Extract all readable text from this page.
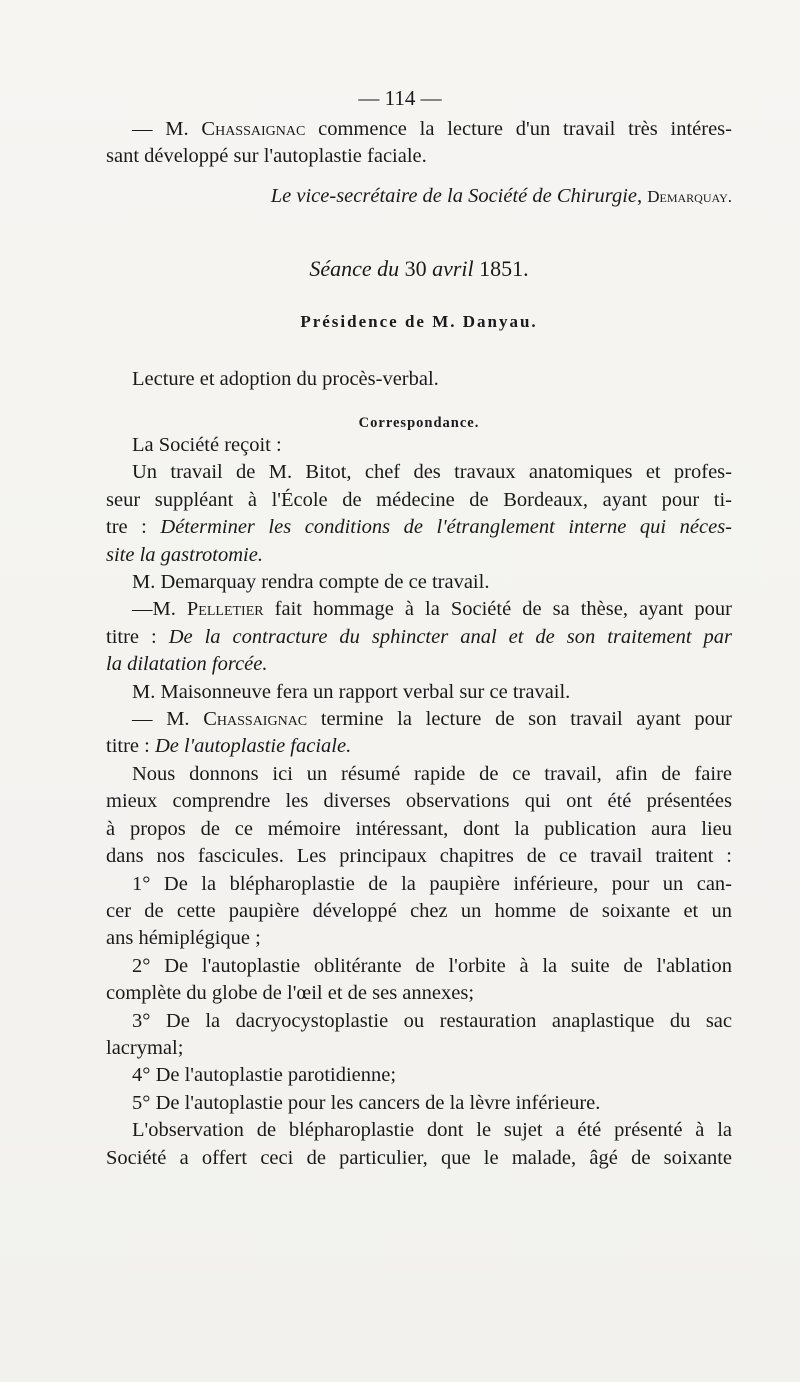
— 114 —
— M. Chassaignac commence la lecture d'un travail très intéres-
sant développé sur l'autoplastie faciale.
Le vice-secrétaire de la Société de Chirurgie, Demarquay.
Séance du 30 avril 1851.
Présidence de M. Danyau.
Lecture et adoption du procès-verbal.
Correspondance.
La Société reçoit :
Un travail de M. Bitot, chef des travaux anatomiques et profes-
seur suppléant à l'École de médecine de Bordeaux, ayant pour ti-
tre : Déterminer les conditions de l'étranglement interne qui néces-
site la gastrotomie.
M. Demarquay rendra compte de ce travail.
—M. Pelletier fait hommage à la Société de sa thèse, ayant pour
titre : De la contracture du sphincter anal et de son traitement par
la dilatation forcée.
M. Maisonneuve fera un rapport verbal sur ce travail.
— M. Chassaignac termine la lecture de son travail ayant pour
titre : De l'autoplastie faciale.
Nous donnons ici un résumé rapide de ce travail, afin de faire
mieux comprendre les diverses observations qui ont été présentées
à propos de ce mémoire intéressant, dont la publication aura lieu
dans nos fascicules. Les principaux chapitres de ce travail traitent :
1° De la blépharoplastie de la paupière inférieure, pour un can-
cer de cette paupière développé chez un homme de soixante et un
ans hémiplégique ;
2° De l'autoplastie oblitérante de l'orbite à la suite de l'ablation
complète du globe de l'œil et de ses annexes;
3° De la dacryocystoplastie ou restauration anaplastique du sac
lacrymal;
4° De l'autoplastie parotidienne;
5° De l'autoplastie pour les cancers de la lèvre inférieure.
L'observation de blépharoplastie dont le sujet a été présenté à la
Société a offert ceci de particulier, que le malade, âgé de soixante
